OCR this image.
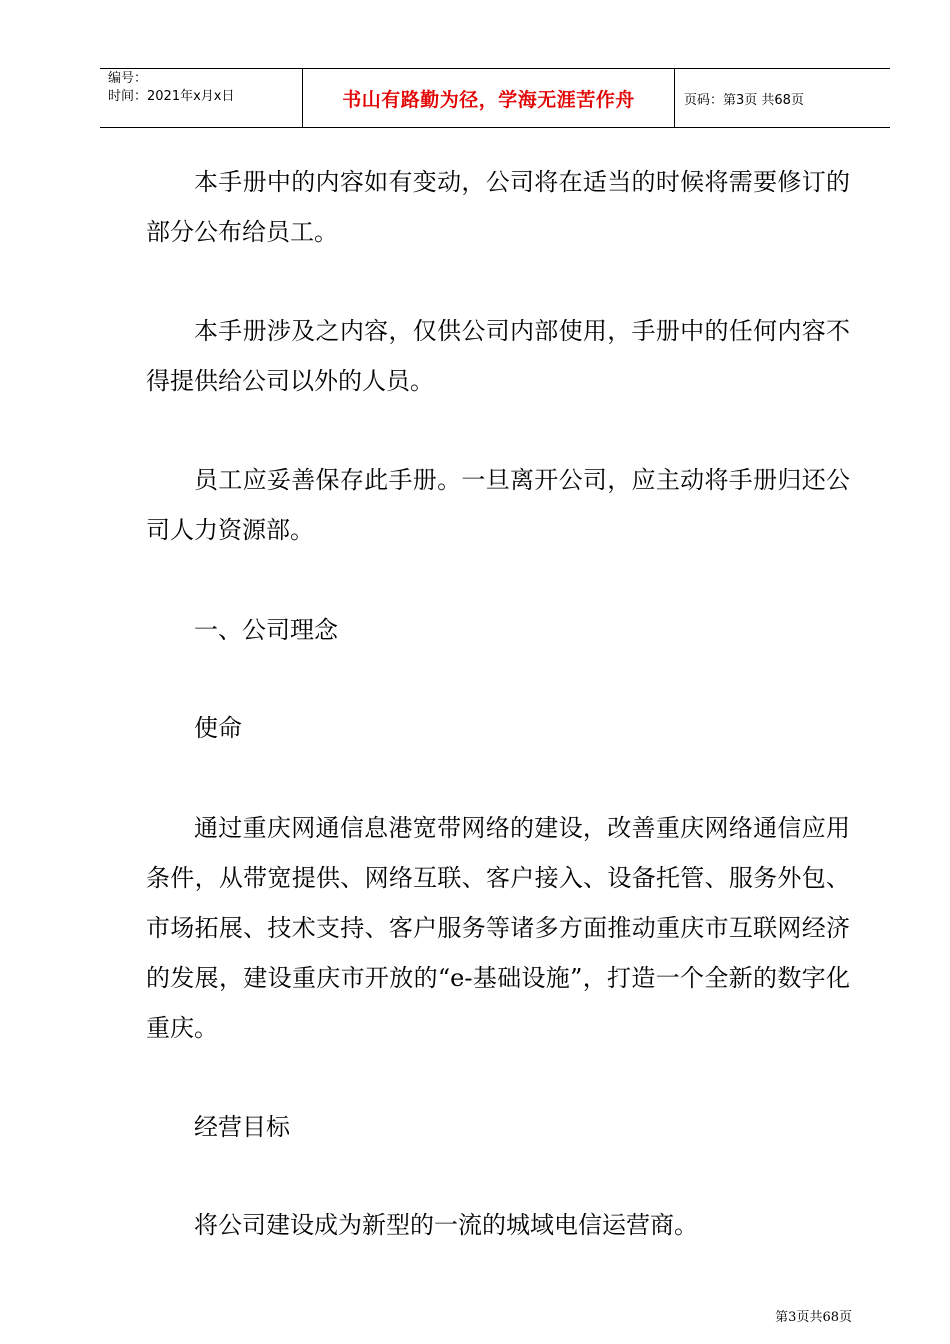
编号：
时间：2021年x月x日	书山有路勤为径，学海无涯苦作舟	页码：第3页 共68页

本手册中的内容如有变动，公司将在适当的时候将需要修订的部分公布给员工。

本手册涉及之内容，仅供公司内部使用，手册中的任何内容不得提供给公司以外的人员。

员工应妥善保存此手册。一旦离开公司，应主动将手册归还公司人力资源部。

一、公司理念

使命

通过重庆网通信息港宽带网络的建设，改善重庆网络通信应用条件，从带宽提供、网络互联、客户接入、设备托管、服务外包、市场拓展、技术支持、客户服务等诸多方面推动重庆市互联网经济的发展，建设重庆市开放的“e-基础设施”，打造一个全新的数字化重庆。

经营目标

将公司建设成为新型的一流的城域电信运营商。

第3页共68页
